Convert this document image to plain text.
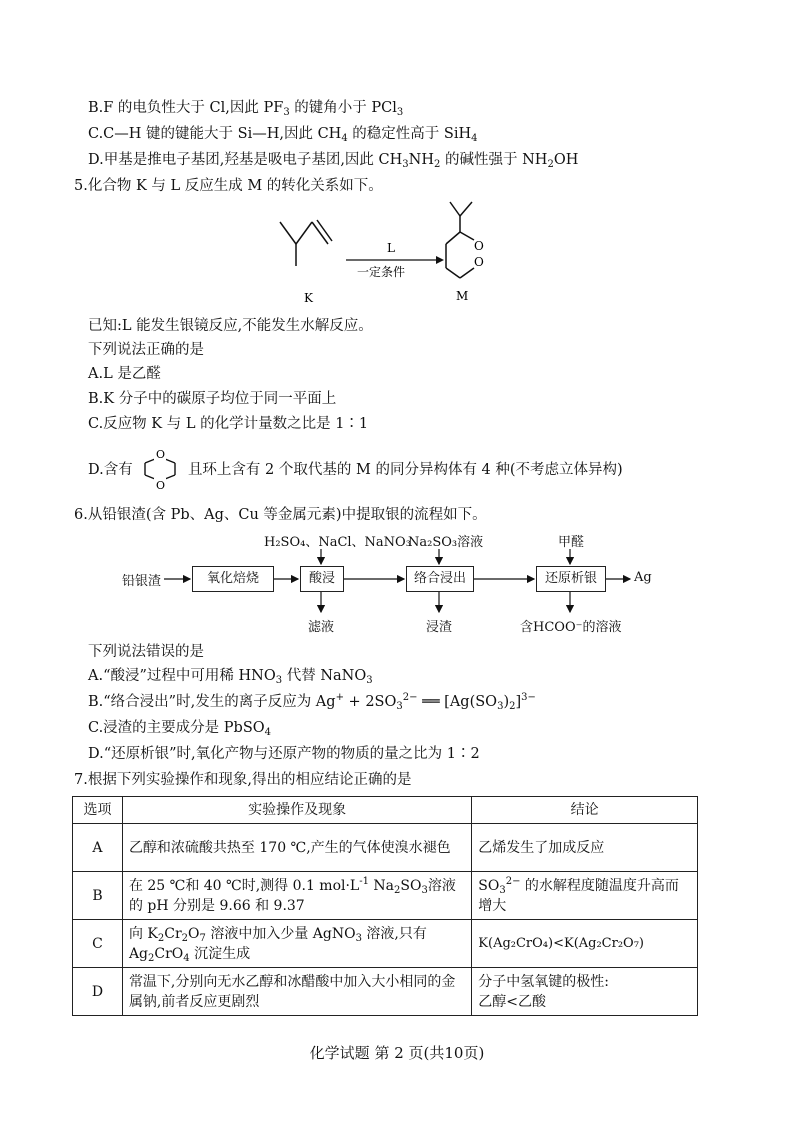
B.F 的电负性大于 Cl,因此 $PF_3$ 的键角小于 PCl$_3$
C.C—H 键的键能大于 Si—H,因此 $CH_4$ 的稳定性高于 SiH$_4$
D.甲基是推电子基团,羟基是吸电子基团,因此 $CH_3NH_2$ 的碱性强于 $NH_2OH$
5.化合物 K 与 L 反应生成 M 的转化关系如下。
K
L
一定条件
O
O
M
已知:L 能发生银镜反应,不能发生水解反应。
下列说法正确的是
A.L 是乙醛
B.K 分子中的碳原子均位于同一平面上
C.反应物 K 与 L 的化学计量数之比是 1∶1
D.含有
O
O
且环上含有 2 个取代基的 M 的同分异构体有 4 种(不考虑立体异构)
6.从铅银渣(含 Pb、Ag、Cu 等金属元素)中提取银的流程如下。
铅银渣	氧化焙烧	酸浸	络合浸出	还原析银	Ag
H₂SO₄、NaCl、NaNO₃
Na₂SO₃溶液	甲醛
滤液	浸渣	含HCOO⁻的溶液
下列说法错误的是
A.“酸浸”过程中可用稀 $HNO_3$ 代替 NaNO$_3$
B.“络合浸出”时,发生的离子反应为 $Ag^+ + 2SO_3^{2-}$ ══ $[Ag(SO_3)_2]^{3-}$
C.浸渣的主要成分是 PbSO$_4$
D.“还原析银”时,氧化产物与还原产物的物质的量之比为 1∶2
7.根据下列实验操作和现象,得出的相应结论正确的是
选项	实验操作及现象	结论
A	乙醇和浓硫酸共热至 170 ℃,产生的气体使溴水褪色	乙烯发生了加成反应
B	在 25 ℃和 40 ℃时,测得 0.1 $mol\cdot L^{-1}$ $Na_2SO_3$溶液的 pH 分别是 9.66 和 9.37	$SO_3^{2-}$ 的水解程度随温度升高而增大
C	向 $K_2Cr_2O_7$ 溶液中加入少量 AgNO$_3$ 溶液,只有 $Ag_2CrO_4$ 沉淀生成	K(Ag₂CrO₄)<K(Ag₂Cr₂O₇)
D	常温下,分别向无水乙醇和冰醋酸中加入大小相同的金属钠,前者反应更剧烈	分子中氢氧键的极性:
乙醇<乙酸
化学试题 第 2 页(共10页)
